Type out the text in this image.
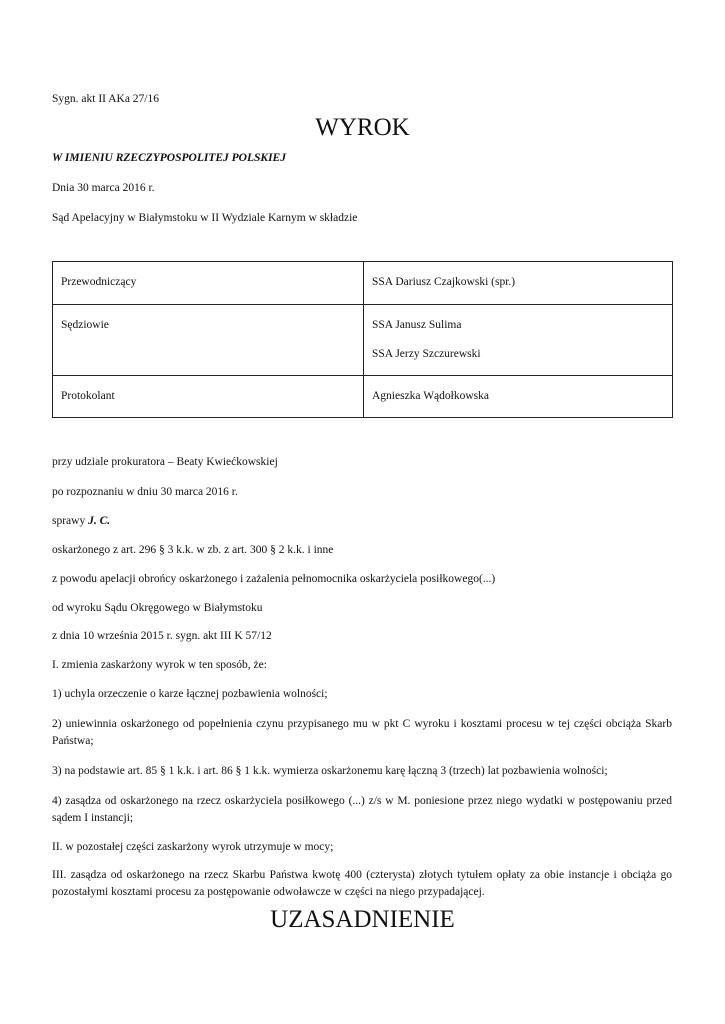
Sygn. akt II AKa 27/16
WYROK
W IMIENIU RZECZYPOSPOLITEJ POLSKIEJ
Dnia 30 marca 2016 r.
Sąd Apelacyjny w Białymstoku w II Wydziale Karnym w składzie
Przewodniczący	SSA Dariusz Czajkowski (spr.)

Sędziowie	SSA Janusz Sulima
SSA Jerzy Szczurewski

Protokolant	Agnieszka Wądołkowska
przy udziale prokuratora – Beaty Kwiećkowskiej
po rozpoznaniu w dniu 30 marca 2016 r.
sprawy J. C.
oskarżonego z art. 296 § 3 k.k. w zb. z art. 300 § 2 k.k. i inne
z powodu apelacji obrońcy oskarżonego i zażalenia pełnomocnika oskarżyciela posiłkowego(...)
od wyroku Sądu Okręgowego w Białymstoku
z dnia 10 września 2015 r. sygn. akt III K 57/12
I. zmienia zaskarżony wyrok w ten sposób, że:
1) uchyla orzeczenie o karze łącznej pozbawienia wolności;
2) uniewinnia oskarżonego od popełnienia czynu przypisanego mu w pkt C wyroku i kosztami procesu w tej części obciąża Skarb Państwa;
3) na podstawie art. 85 § 1 k.k. i art. 86 § 1 k.k. wymierza oskarżonemu karę łączną 3 (trzech) lat pozbawienia wolności;
4) zasądza od oskarżonego na rzecz oskarżyciela posiłkowego (...) z/s w M. poniesione przez niego wydatki w postępowaniu przed sądem I instancji;
II. w pozostałej części zaskarżony wyrok utrzymuje w mocy;
III. zasądza od oskarżonego na rzecz Skarbu Państwa kwotę 400 (czterysta) złotych tytułem opłaty za obie instancje i obciąża go pozostałymi kosztami procesu za postępowanie odwoławcze w części na niego przypadającej.
UZASADNIENIE
